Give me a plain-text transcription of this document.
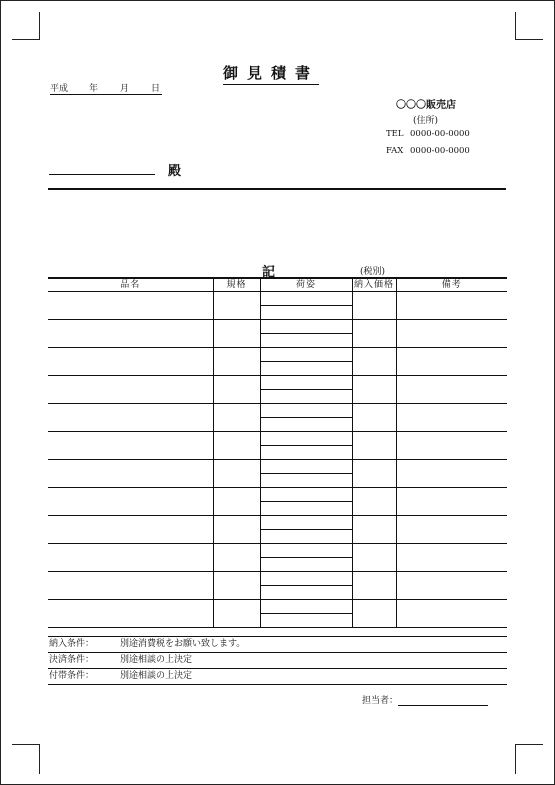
御見積書
平成 年 月 日
〇〇〇販売店
(住所)
TEL 0000-00-0000
FAX 0000-00-0000
殿
記	(税別)
品名	規格	荷姿	納入価格	備考

納入条件：	別途消費税をお願い致します。
決済条件：	別途相談の上決定
付帯条件：	別途相談の上決定
担当者：
